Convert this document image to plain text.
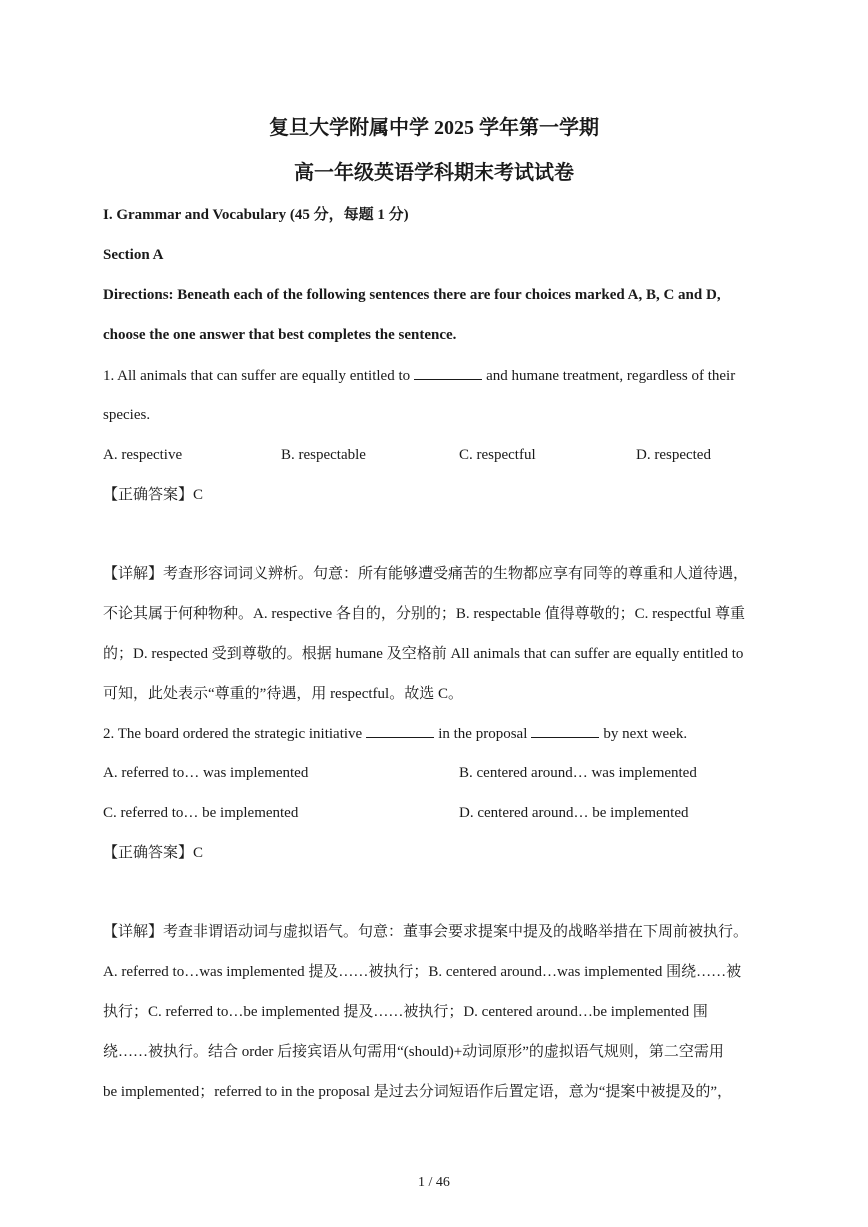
复旦大学附属中学 2025 学年第一学期
高一年级英语学科期末考试试卷
I. Grammar and Vocabulary (45 分，每题 1 分)
Section A
Directions: Beneath each of the following sentences there are four choices marked A, B, C and D,
choose the one answer that best completes the sentence.
1. All animals that can suffer are equally entitled to	and humane treatment, regardless of their
species.
A. respective	B. respectable	C. respectful	D. respected
【正确答案】C
【详解】考查形容词词义辨析。句意：所有能够遭受痛苦的生物都应享有同等的尊重和人道待遇，
不论其属于何种物种。A. respective 各自的，分别的；B. respectable 值得尊敬的；C. respectful 尊重
的；D. respected 受到尊敬的。根据 humane 及空格前 All animals that can suffer are equally entitled to
可知，此处表示“尊重的”待遇，用 respectful。故选 C。
2. The board ordered the strategic initiative	in the proposal	by next week.
A. referred to… was implemented	B. centered around… was implemented
C. referred to… be implemented	D. centered around… be implemented
【正确答案】C
【详解】考查非谓语动词与虚拟语气。句意：董事会要求提案中提及的战略举措在下周前被执行。
A. referred to…was implemented 提及……被执行；B. centered around…was implemented 围绕……被
执行；C. referred to…be implemented 提及……被执行；D. centered around…be implemented 围
绕……被执行。结合 order 后接宾语从句需用“(should)+动词原形”的虚拟语气规则，第二空需用
be implemented；referred to in the proposal 是过去分词短语作后置定语，意为“提案中被提及的”，
1 / 46
